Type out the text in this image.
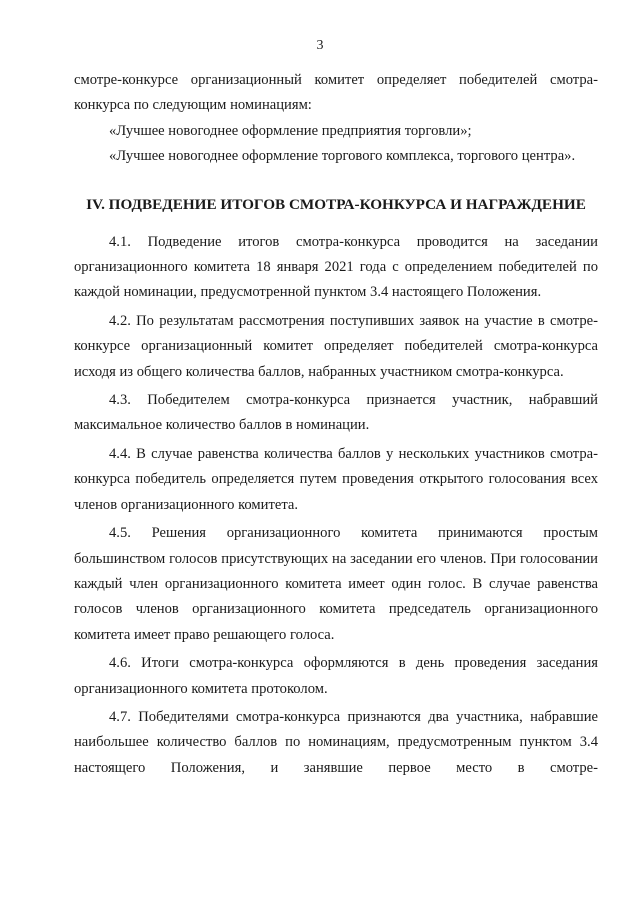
3

смотре-конкурсе организационный комитет определяет победителей смотра-конкурса по следующим номинациям:

«Лучшее новогоднее оформление предприятия торговли»;

«Лучшее новогоднее оформление торгового комплекса, торгового центра».

IV. ПОДВЕДЕНИЕ ИТОГОВ СМОТРА-КОНКУРСА И НАГРАЖДЕНИЕ

4.1. Подведение итогов смотра-конкурса проводится на заседании организационного комитета 18 января 2021 года с определением победителей по каждой номинации, предусмотренной пунктом 3.4 настоящего Положения.

4.2. По результатам рассмотрения поступивших заявок на участие в смотре-конкурсе организационный комитет определяет победителей смотра-конкурса исходя из общего количества баллов, набранных участником смотра-конкурса.

4.3. Победителем смотра-конкурса признается участник, набравший максимальное количество баллов в номинации.

4.4. В случае равенства количества баллов у нескольких участников смотра-конкурса победитель определяется путем проведения открытого голосования всех членов организационного комитета.

4.5. Решения организационного комитета принимаются простым большинством голосов присутствующих на заседании его членов. При голосовании каждый член организационного комитета имеет один голос. В случае равенства голосов членов организационного комитета председатель организационного комитета имеет право решающего голоса.

4.6. Итоги смотра-конкурса оформляются в день проведения заседания организационного комитета протоколом.

4.7. Победителями смотра-конкурса признаются два участника, набравшие наибольшее количество баллов по номинациям, предусмотренным пунктом 3.4 настоящего Положения, и занявшие первое место в смотре-
